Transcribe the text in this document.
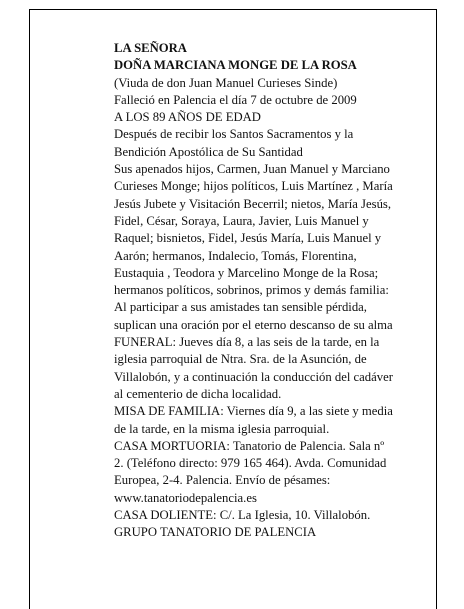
LA SEÑORA
DOÑA MARCIANA MONGE DE LA ROSA
(Viuda de don Juan Manuel Curieses Sinde)
Falleció en Palencia el día 7 de octubre de 2009
A LOS 89 AÑOS DE EDAD
Después de recibir los Santos Sacramentos y la
Bendición Apostólica de Su Santidad
Sus apenados hijos, Carmen, Juan Manuel y Marciano
Curieses Monge; hijos políticos, Luis Martínez , María
Jesús Jubete y Visitación Becerril; nietos, María Jesús,
Fidel, César, Soraya, Laura, Javier, Luis Manuel y
Raquel; bisnietos, Fidel, Jesús María, Luis Manuel y
Aarón; hermanos, Indalecio, Tomás, Florentina,
Eustaquia , Teodora y Marcelino Monge de la Rosa;
hermanos políticos, sobrinos, primos y demás familia:
Al participar a sus amistades tan sensible pérdida,
suplican una oración por el eterno descanso de su alma
FUNERAL: Jueves día 8, a las seis de la tarde, en la
iglesia parroquial de Ntra. Sra. de la Asunción, de
Villalobón, y a continuación la conducción del cadáver
al cementerio de dicha localidad.
MISA DE FAMILIA: Viernes día 9, a las siete y media
de la tarde, en la misma iglesia parroquial.
CASA MORTUORIA: Tanatorio de Palencia. Sala nº
2. (Teléfono directo: 979 165 464). Avda. Comunidad
Europea, 2-4. Palencia. Envío de pésames:
www.tanatoriodepalencia.es
CASA DOLIENTE: C/. La Iglesia, 10. Villalobón.
GRUPO TANATORIO DE PALENCIA
